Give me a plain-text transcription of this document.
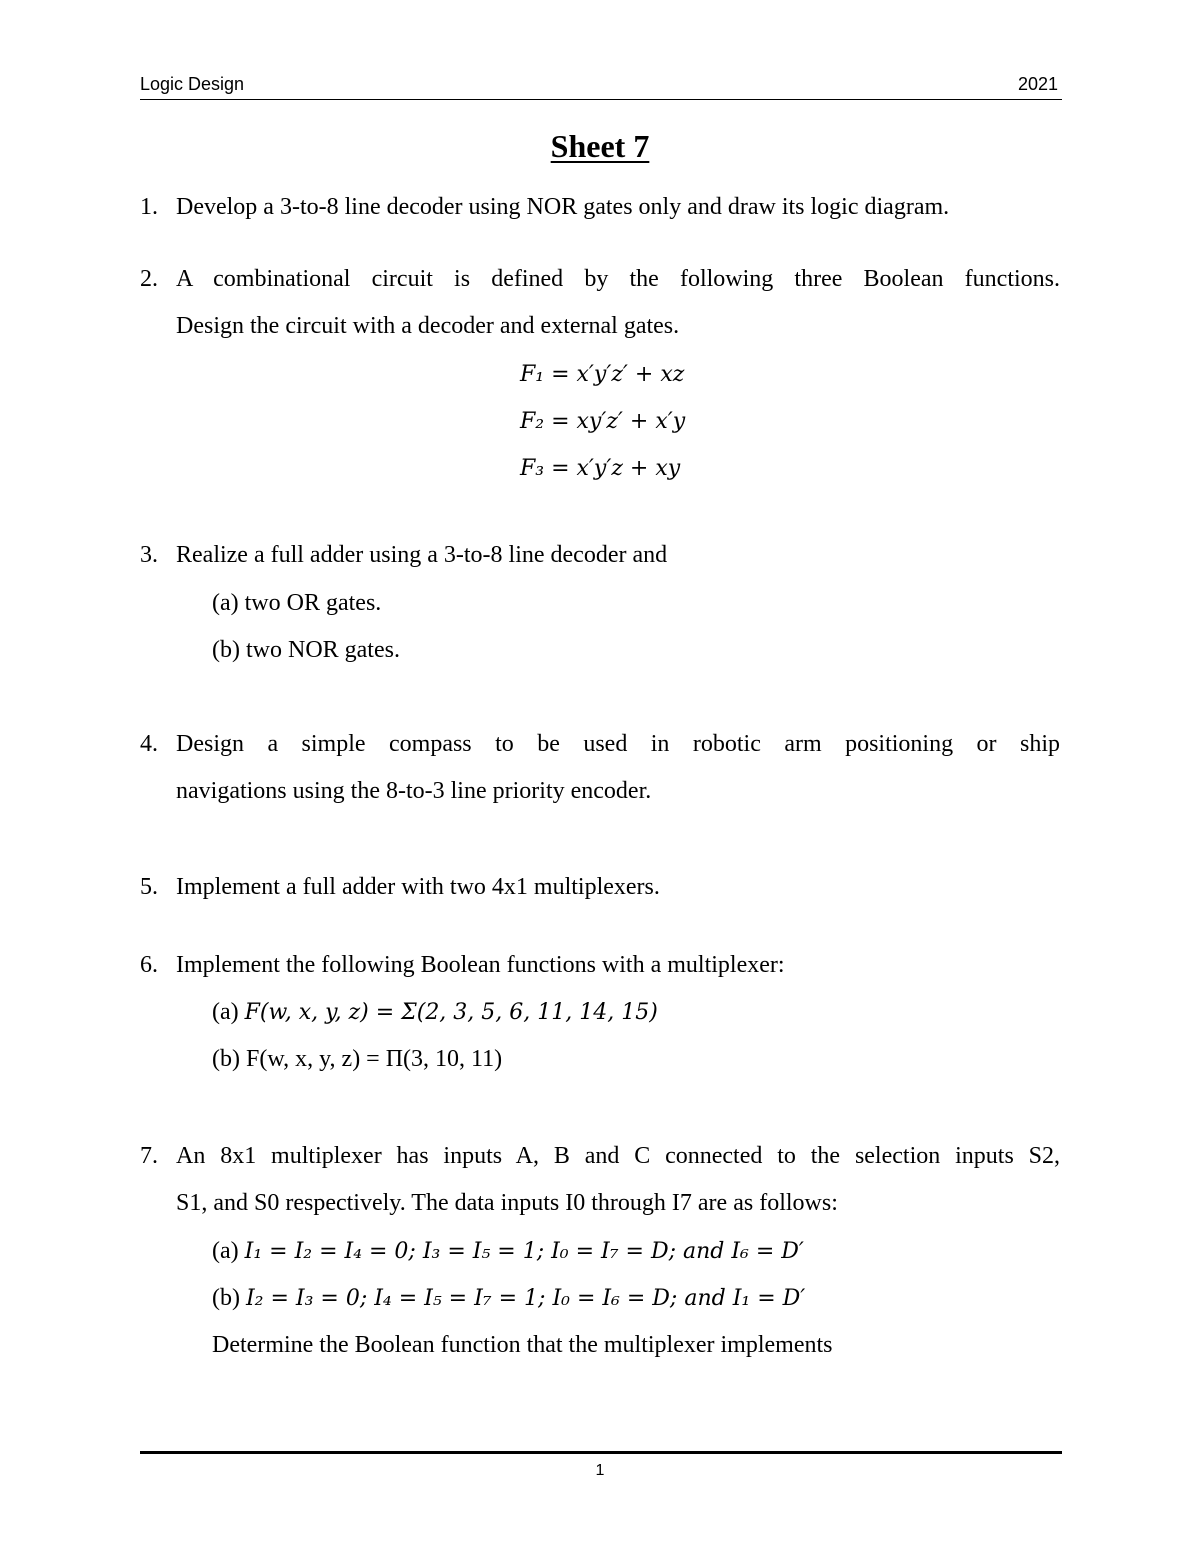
Logic Design	2021
Sheet 7
1. Develop a 3-to-8 line decoder using NOR gates only and draw its logic diagram.
2. A combinational circuit is defined by the following three Boolean functions.
Design the circuit with a decoder and external gates.
F₁ = x′y′z′ + xz
F₂ = xy′z′ + x′y
F₃ = x′y′z + xy
3. Realize a full adder using a 3-to-8 line decoder and
(a) two OR gates.
(b) two NOR gates.
4. Design a simple compass to be used in robotic arm positioning or ship
navigations using the 8-to-3 line priority encoder.
5. Implement a full adder with two 4x1 multiplexers.
6. Implement the following Boolean functions with a multiplexer:
(a) F(w, x, y, z) = Σ(2, 3, 5, 6, 11, 14, 15)
(b) F(w, x, y, z) = Π(3, 10, 11)
7. An 8x1 multiplexer has inputs A, B and C connected to the selection inputs S2,
S1, and S0 respectively. The data inputs I0 through I7 are as follows:
(a) I₁ = I₂ = I₄ = 0; I₃ = I₅ = 1; I₀ = I₇ = D; and I₆ = D′
(b) I₂ = I₃ = 0; I₄ = I₅ = I₇ = 1; I₀ = I₆ = D; and I₁ = D′
Determine the Boolean function that the multiplexer implements
1
